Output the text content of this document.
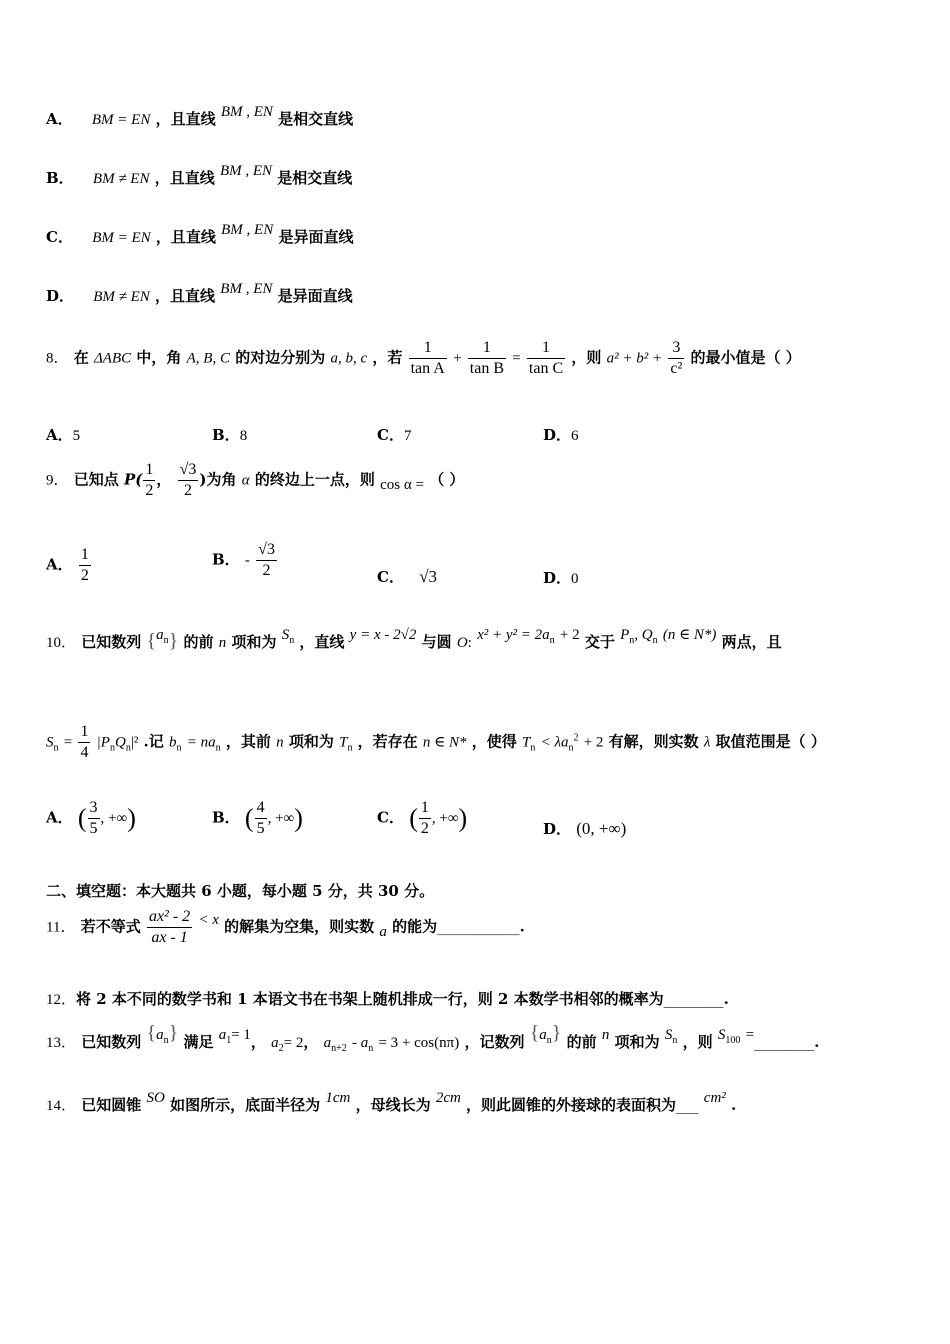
A． BM = EN ，且直线 BM , EN 是相交直线
B． BM ≠ EN ，且直线 BM , EN 是相交直线
C． BM = EN ，且直线 BM , EN 是异面直线
D． BM ≠ EN ，且直线 BM , EN 是异面直线
8． 在 ΔABC 中，角 A, B, C 的对边分别为 a, b, c ，若 $\frac{1}{\text{tan A}} + \frac{1}{\text{tan B}} = \frac{1}{\text{tan C}}$ ，则 $a^2 + b^2 + \frac{3}{\text{c²}}$ 的最小值是（ ）
A．5	B．8	C．7	D．6
9． 已知点 $P( \frac{1}{2}$ ， $\frac{√3}{2}$ )为角 α 的终边上一点，则 cos α = （ ）
A． $\frac{1}{2}$	B． - $\frac{√3}{2}$	C． √3	D．0
10． 已知数列 $\{a_n\}$ 的前 n 项和为 $S_n$ ，直线 y = x - 2√2 与圆 O: $x^2 + y^2 = 2a_n + 2$ 交于 $P_n$, $Q_n$ (n ∈ N*) 两点，且
$S_n = \frac{1}{4} |P_nQ_n|^2$ .记 $b_n = na_n$ ，其前 n 项和为 $T_n$ ，若存在 n ∈ N* ，使得 $T_n < \lambda a_n^2 + 2$ 有解，则实数 λ 取值范围是（ ）
A． ( $\frac{3}{5}$ , +∞)	B． ( $\frac{4}{5}$ , +∞)	C． ( $\frac{1}{2}$ , +∞)	D． (0, +∞)
二、填空题：本大题共 6 小题，每小题 5 分，共 30 分。
11． 若不等式 $\frac{\text{ax² - 2}}{ax - 1} < x$ 的解集为空集，则实数 a 的能为___________.
12．将 2 本不同的数学书和 1 本语文书在书架上随机排成一行，则 2 本数学书相邻的概率为________.
13． 已知数列 $\{a_n\}$ 满足 $a_1= 1$， $a_2= 2$， $a_{n+2} - a_n = 3 + \cos(n\pi)$ ，记数列 $\{a_n\}$ 的前 n 项和为 $S_n$ ，则 $S_{100}$ =________.
14． 已知圆锥 SO 如图所示，底面半径为 1cm ，母线长为 2cm ，则此圆锥的外接球的表面积为___ cm² .
